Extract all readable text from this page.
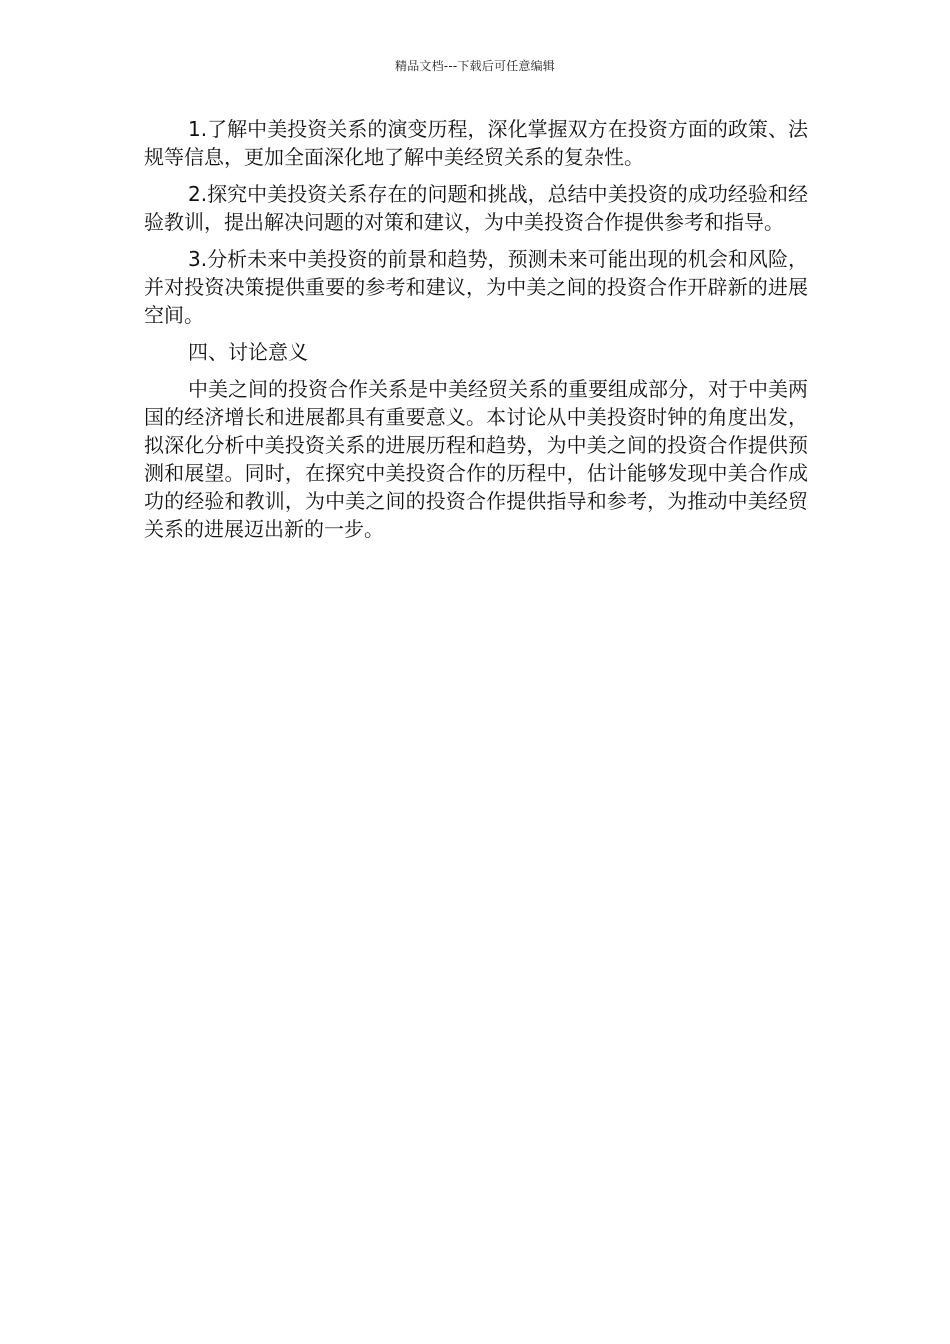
精品文档---下载后可任意编辑

1.了解中美投资关系的演变历程，深化掌握双方在投资方面的政策、法规等信息，更加全面深化地了解中美经贸关系的复杂性。

2.探究中美投资关系存在的问题和挑战，总结中美投资的成功经验和经验教训，提出解决问题的对策和建议，为中美投资合作提供参考和指导。

3.分析未来中美投资的前景和趋势，预测未来可能出现的机会和风险，并对投资决策提供重要的参考和建议，为中美之间的投资合作开辟新的进展空间。

四、讨论意义

中美之间的投资合作关系是中美经贸关系的重要组成部分，对于中美两国的经济增长和进展都具有重要意义。本讨论从中美投资时钟的角度出发，拟深化分析中美投资关系的进展历程和趋势，为中美之间的投资合作提供预测和展望。同时，在探究中美投资合作的历程中，估计能够发现中美合作成功的经验和教训，为中美之间的投资合作提供指导和参考，为推动中美经贸关系的进展迈出新的一步。
